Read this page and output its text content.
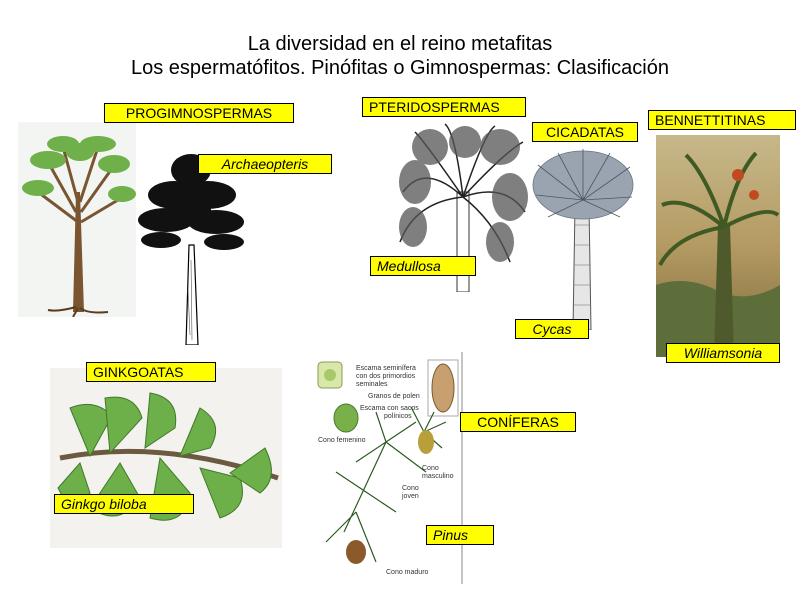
La diversidad en el reino metafitas
Los espermatófitos. Pinófitas o Gimnospermas: Clasificación
Escama seminífera
con dos primordios
seminales
Granos de polen
Escama con sacos
polínicos
Cono femenino
Cono
masculino
Cono
joven
Cono maduro
PROGIMNOSPERMAS	PTERIDOSPERMAS
CICADATAS
BENNETTITINAS
GINKGOATAS
CONÍFERAS
Archaeopteris
Medullosa
Cycas
Williamsonia
Ginkgo biloba
Pinus
